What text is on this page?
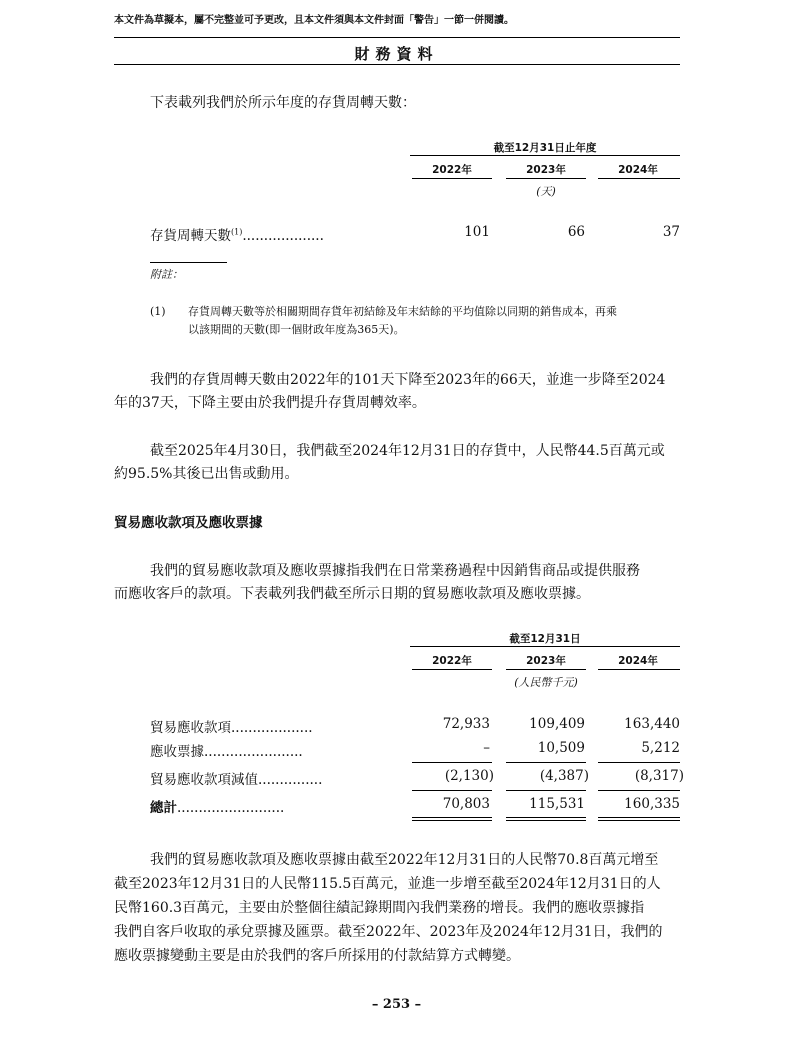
本文件為草擬本，屬不完整並可予更改，且本文件須與本文件封面「警告」一節一併閱讀。
財務資料
下表載列我們於所示年度的存貨周轉天數：
截至12月31日止年度
2022年	2023年	2024年
(天)
存貨周轉天數$^{(1)}$...................	101	66	37
附註：
(1) 存貨周轉天數等於相關期間存貨年初結餘及年末結餘的平均值除以同期的銷售成本，再乘
以該期間的天數(即一個財政年度為365天)。
我們的存貨周轉天數由2022年的101天下降至2023年的66天，並進一步降至2024
年的37天，下降主要由於我們提升存貨周轉效率。
截至2025年4月30日，我們截至2024年12月31日的存貨中，人民幣44.5百萬元或
約95.5%其後已出售或動用。
貿易應收款項及應收票據
我們的貿易應收款項及應收票據指我們在日常業務過程中因銷售商品或提供服務
而應收客戶的款項。下表載列我們截至所示日期的貿易應收款項及應收票據。
截至12月31日
2022年	2023年	2024年
(人民幣千元)
貿易應收款項...................	72,933	109,409	163,440
應收票據.......................	–	10,509	5,212
貿易應收款項減值...............	(2,130)	(4,387)	(8,317)
總計.........................	70,803	115,531	160,335
我們的貿易應收款項及應收票據由截至2022年12月31日的人民幣70.8百萬元增至
截至2023年12月31日的人民幣115.5百萬元，並進一步增至截至2024年12月31日的人
民幣160.3百萬元，主要由於整個往績記錄期間內我們業務的增長。我們的應收票據指
我們自客戶收取的承兌票據及匯票。截至2022年、2023年及2024年12月31日，我們的
應收票據變動主要是由於我們的客戶所採用的付款結算方式轉變。
– 253 –
